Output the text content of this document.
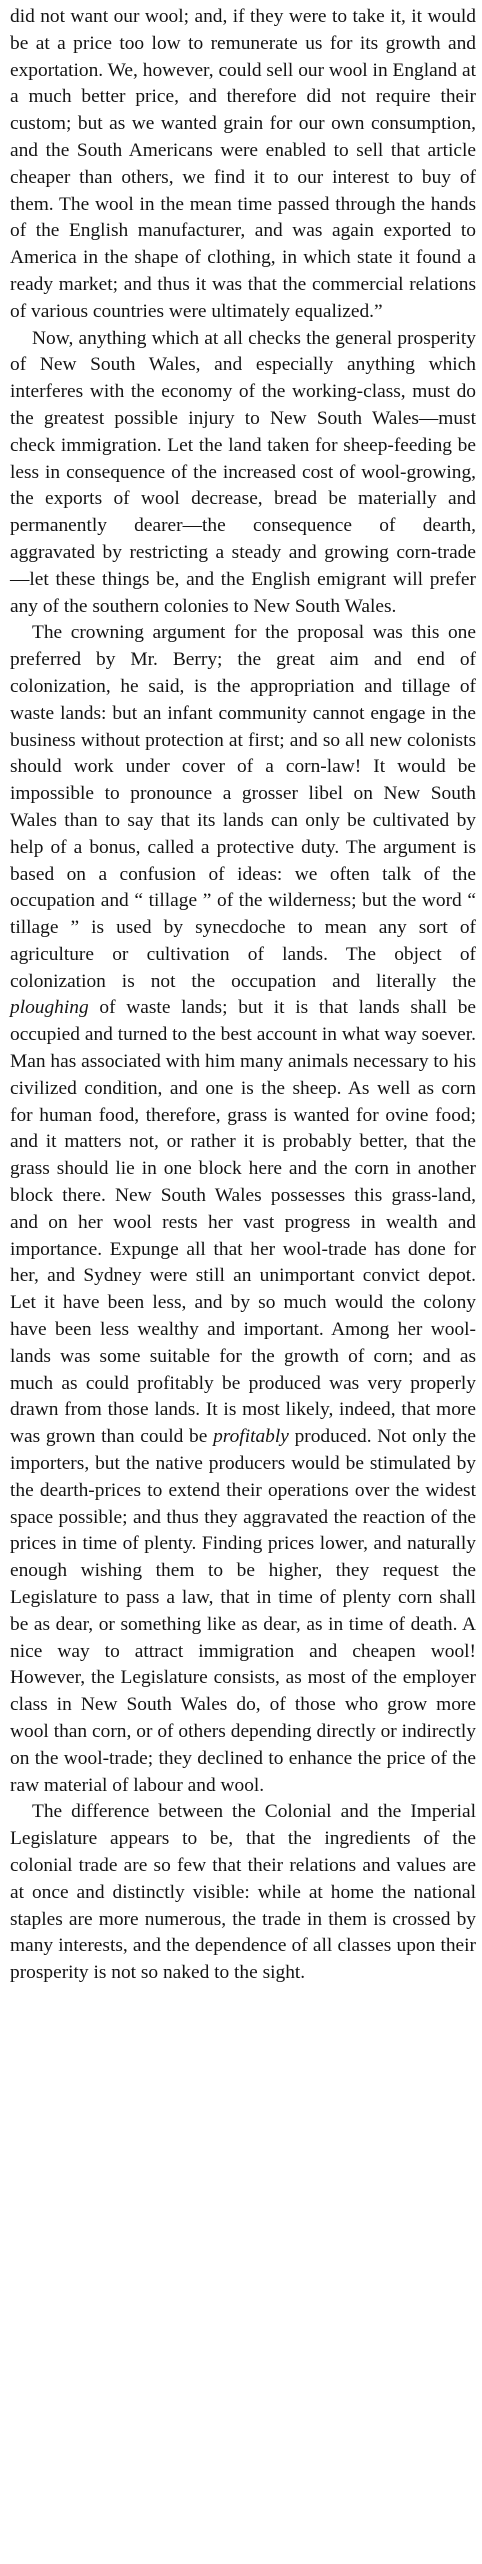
did not want our wool; and, if they were to take it, it would be at a price too low to remunerate us for its growth and exportation. We, however, could sell our wool in England at a much better price, and therefore did not require their custom; but as we wanted grain for our own consumption, and the South Americans were enabled to sell that article cheaper than others, we find it to our interest to buy of them. The wool in the mean time passed through the hands of the English manufacturer, and was again exported to America in the shape of clothing, in which state it found a ready market; and thus it was that the commercial relations of various countries were ultimately equalized.”

Now, anything which at all checks the general prosperity of New South Wales, and especially anything which interferes with the economy of the working-class, must do the greatest possible injury to New South Wales—must check immigration. Let the land taken for sheep-feeding be less in consequence of the increased cost of wool-growing, the exports of wool decrease, bread be materially and permanently dearer—the consequence of dearth, aggravated by restricting a steady and growing corn-trade—let these things be, and the English emigrant will prefer any of the southern colonies to New South Wales.

The crowning argument for the proposal was this one preferred by Mr. Berry; the great aim and end of colonization, he said, is the appropriation and tillage of waste lands: but an infant community cannot engage in the business without protection at first; and so all new colonists should work under cover of a corn-law! It would be impossible to pronounce a grosser libel on New South Wales than to say that its lands can only be cultivated by help of a bonus, called a protective duty. The argument is based on a confusion of ideas: we often talk of the occupation and “ tillage ” of the wilderness; but the word “ tillage ” is used by synecdoche to mean any sort of agriculture or cultivation of lands. The object of colonization is not the occupation and literally the ploughing of waste lands; but it is that lands shall be occupied and turned to the best account in what way soever. Man has associated with him many animals necessary to his civilized condition, and one is the sheep. As well as corn for human food, therefore, grass is wanted for ovine food; and it matters not, or rather it is probably better, that the grass should lie in one block here and the corn in another block there. New South Wales possesses this grass-land, and on her wool rests her vast progress in wealth and importance. Expunge all that her wool-trade has done for her, and Sydney were still an unimportant convict depot. Let it have been less, and by so much would the colony have been less wealthy and important. Among her wool-lands was some suitable for the growth of corn; and as much as could profitably be produced was very properly drawn from those lands. It is most likely, indeed, that more was grown than could be profitably produced. Not only the importers, but the native producers would be stimulated by the dearth-prices to extend their operations over the widest space possible; and thus they aggravated the reaction of the prices in time of plenty. Finding prices lower, and naturally enough wishing them to be higher, they request the Legislature to pass a law, that in time of plenty corn shall be as dear, or something like as dear, as in time of death. A nice way to attract immigration and cheapen wool! However, the Legislature consists, as most of the employer class in New South Wales do, of those who grow more wool than corn, or of others depending directly or indirectly on the wool-trade; they declined to enhance the price of the raw material of labour and wool.

The difference between the Colonial and the Imperial Legislature appears to be, that the ingredients of the colonial trade are so few that their relations and values are at once and distinctly visible: while at home the national staples are more numerous, the trade in them is crossed by many interests, and the dependence of all classes upon their prosperity is not so naked to the sight.
